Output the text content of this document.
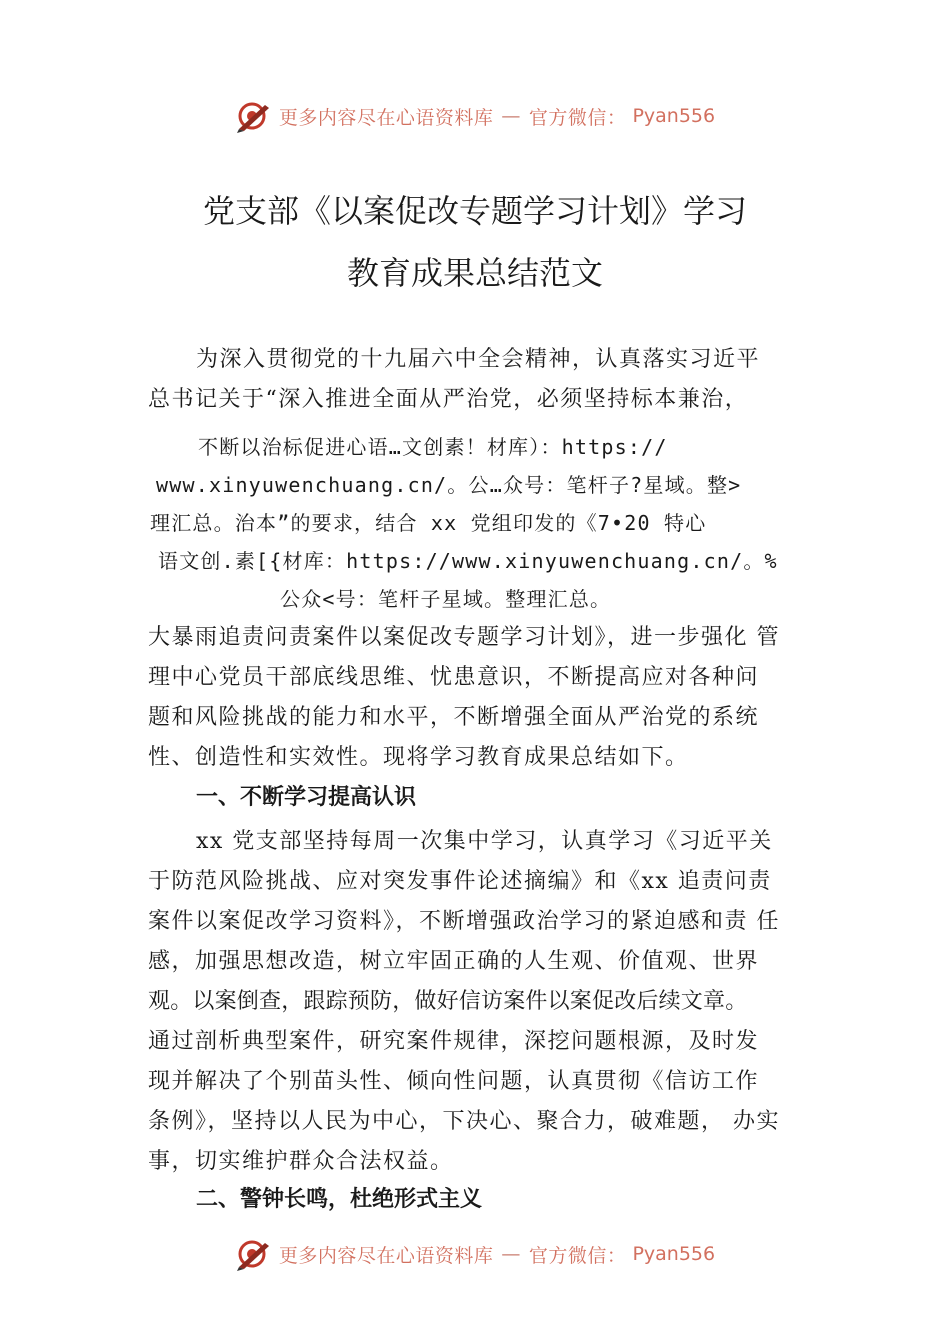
更多内容尽在心语资料库 — 官方微信： Pyan556
党支部《以案促改专题学习计划》学习
教育成果总结范文
为深入贯彻党的十九届六中全会精神，认真落实习近平
总书记关于“深入推进全面从严治党，必须坚持标本兼治，
不断以治标促进心语…文创素！材库）：https://
www.xinyuwenchuang.cn/。公…众号：笔杆子?星域。整>
理汇总。治本”的要求，结合 xx 党组印发的《7•20 特心
语文创.素[{材库：https://www.xinyuwenchuang.cn/。%
公众<号：笔杆子星域。整理汇总。
大暴雨追责问责案件以案促改专题学习计划》，进一步强化 管
理中心党员干部底线思维、忧患意识，不断提高应对各种问
题和风险挑战的能力和水平，不断增强全面从严治党的系统
性、创造性和实效性。现将学习教育成果总结如下。
一、不断学习提高认识
xx 党支部坚持每周一次集中学习，认真学习《习近平关
于防范风险挑战、应对突发事件论述摘编》和《xx 追责问责
案件以案促改学习资料》，不断增强政治学习的紧迫感和责 任
感，加强思想改造，树立牢固正确的人生观、价值观、世界
观。以案倒查，跟踪预防，做好信访案件以案促改后续文章。
通过剖析典型案件，研究案件规律，深挖问题根源，及时发
现并解决了个别苗头性、倾向性问题，认真贯彻《信访工作
条例》，坚持以人民为中心，下决心、聚合力，破难题， 办实
事，切实维护群众合法权益。
二、警钟长鸣，杜绝形式主义
更多内容尽在心语资料库 — 官方微信： Pyan556
